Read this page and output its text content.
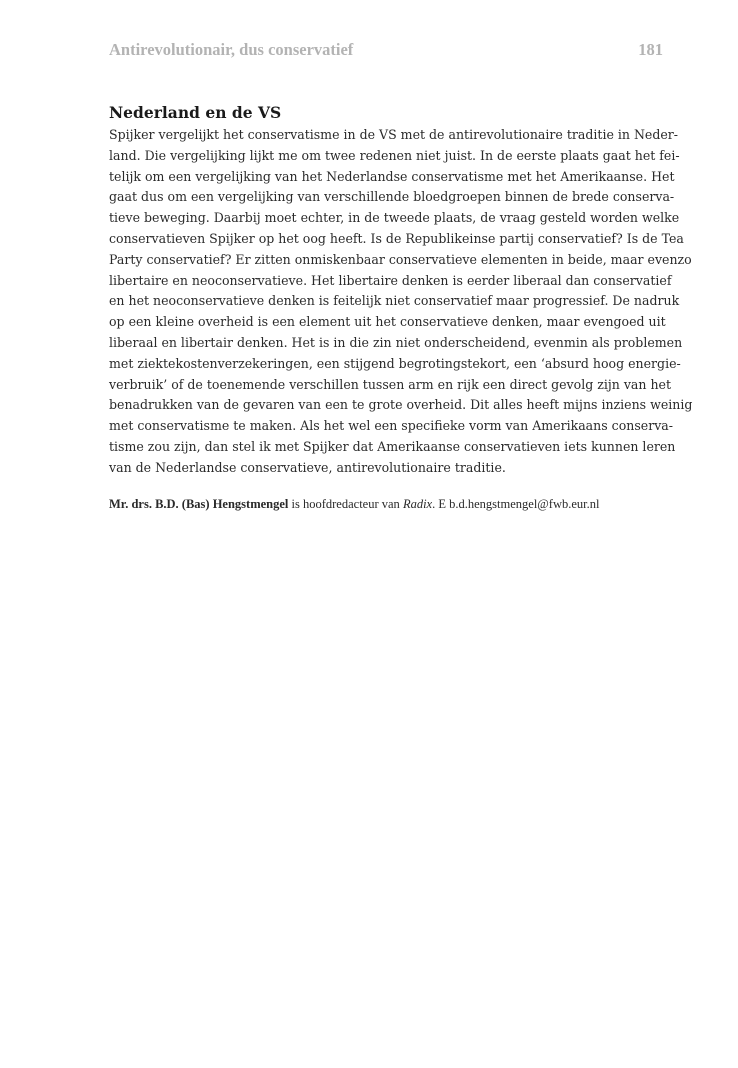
Antirevolutionair, dus conservatief	181
Nederland en de VS
Spijker vergelijkt het conservatisme in de VS met de antirevolutionaire traditie in Neder-
land. Die vergelijking lijkt me om twee redenen niet juist. In de eerste plaats gaat het fei-
telijk om een vergelijking van het Nederlandse conservatisme met het Amerikaanse. Het
gaat dus om een vergelijking van verschillende bloedgroepen binnen de brede conserva-
tieve beweging. Daarbij moet echter, in de tweede plaats, de vraag gesteld worden welke
conservatieven Spijker op het oog heeft. Is de Republikeinse partij conservatief? Is de Tea
Party conservatief? Er zitten onmiskenbaar conservatieve elementen in beide, maar evenzo
libertaire en neoconservatieve. Het libertaire denken is eerder liberaal dan conservatief
en het neoconservatieve denken is feitelijk niet conservatief maar progressief. De nadruk
op een kleine overheid is een element uit het conservatieve denken, maar evengoed uit
liberaal en libertair denken. Het is in die zin niet onderscheidend, evenmin als problemen
met ziektekostenverzekeringen, een stijgend begrotingstekort, een ‘absurd hoog energie-
verbruik’ of de toenemende verschillen tussen arm en rijk een direct gevolg zijn van het
benadrukken van de gevaren van een te grote overheid. Dit alles heeft mijns inziens weinig
met conservatisme te maken. Als het wel een specifieke vorm van Amerikaans conserva-
tisme zou zijn, dan stel ik met Spijker dat Amerikaanse conservatieven iets kunnen leren
van de Nederlandse conservatieve, antirevolutionaire traditie.

Mr. drs. B.D. (Bas) Hengstmengel is hoofdredacteur van Radix. E b.d.hengstmengel@fwb.eur.nl
